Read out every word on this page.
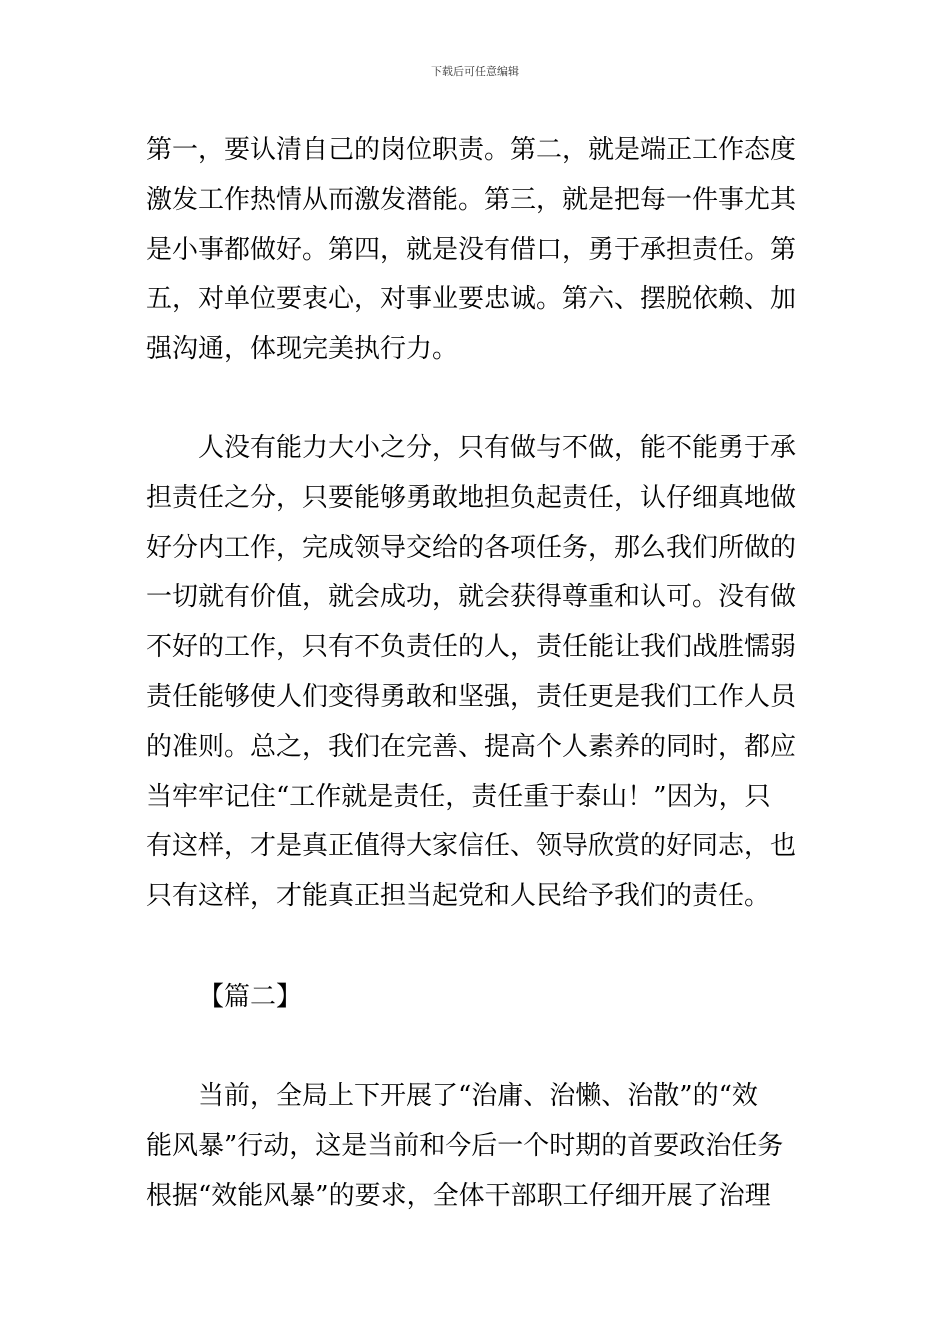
下载后可任意编辑
第一，要认清自己的岗位职责。第二，就是端正工作态度
激发工作热情从而激发潜能。第三，就是把每一件事尤其
是小事都做好。第四，就是没有借口，勇于承担责任。第
五，对单位要衷心，对事业要忠诚。第六、摆脱依赖、加
强沟通，体现完美执行力。
人没有能力大小之分，只有做与不做，能不能勇于承
担责任之分，只要能够勇敢地担负起责任，认仔细真地做
好分内工作，完成领导交给的各项任务，那么我们所做的
一切就有价值，就会成功，就会获得尊重和认可。没有做
不好的工作，只有不负责任的人，责任能让我们战胜懦弱
责任能够使人们变得勇敢和坚强，责任更是我们工作人员
的准则。总之，我们在完善、提高个人素养的同时，都应
当牢牢记住“工作就是责任，责任重于泰山！”因为，只
有这样，才是真正值得大家信任、领导欣赏的好同志，也
只有这样，才能真正担当起党和人民给予我们的责任。
【篇二】
当前，全局上下开展了“治庸、治懒、治散”的“效
能风暴”行动，这是当前和今后一个时期的首要政治任务
根据“效能风暴”的要求，全体干部职工仔细开展了治理
